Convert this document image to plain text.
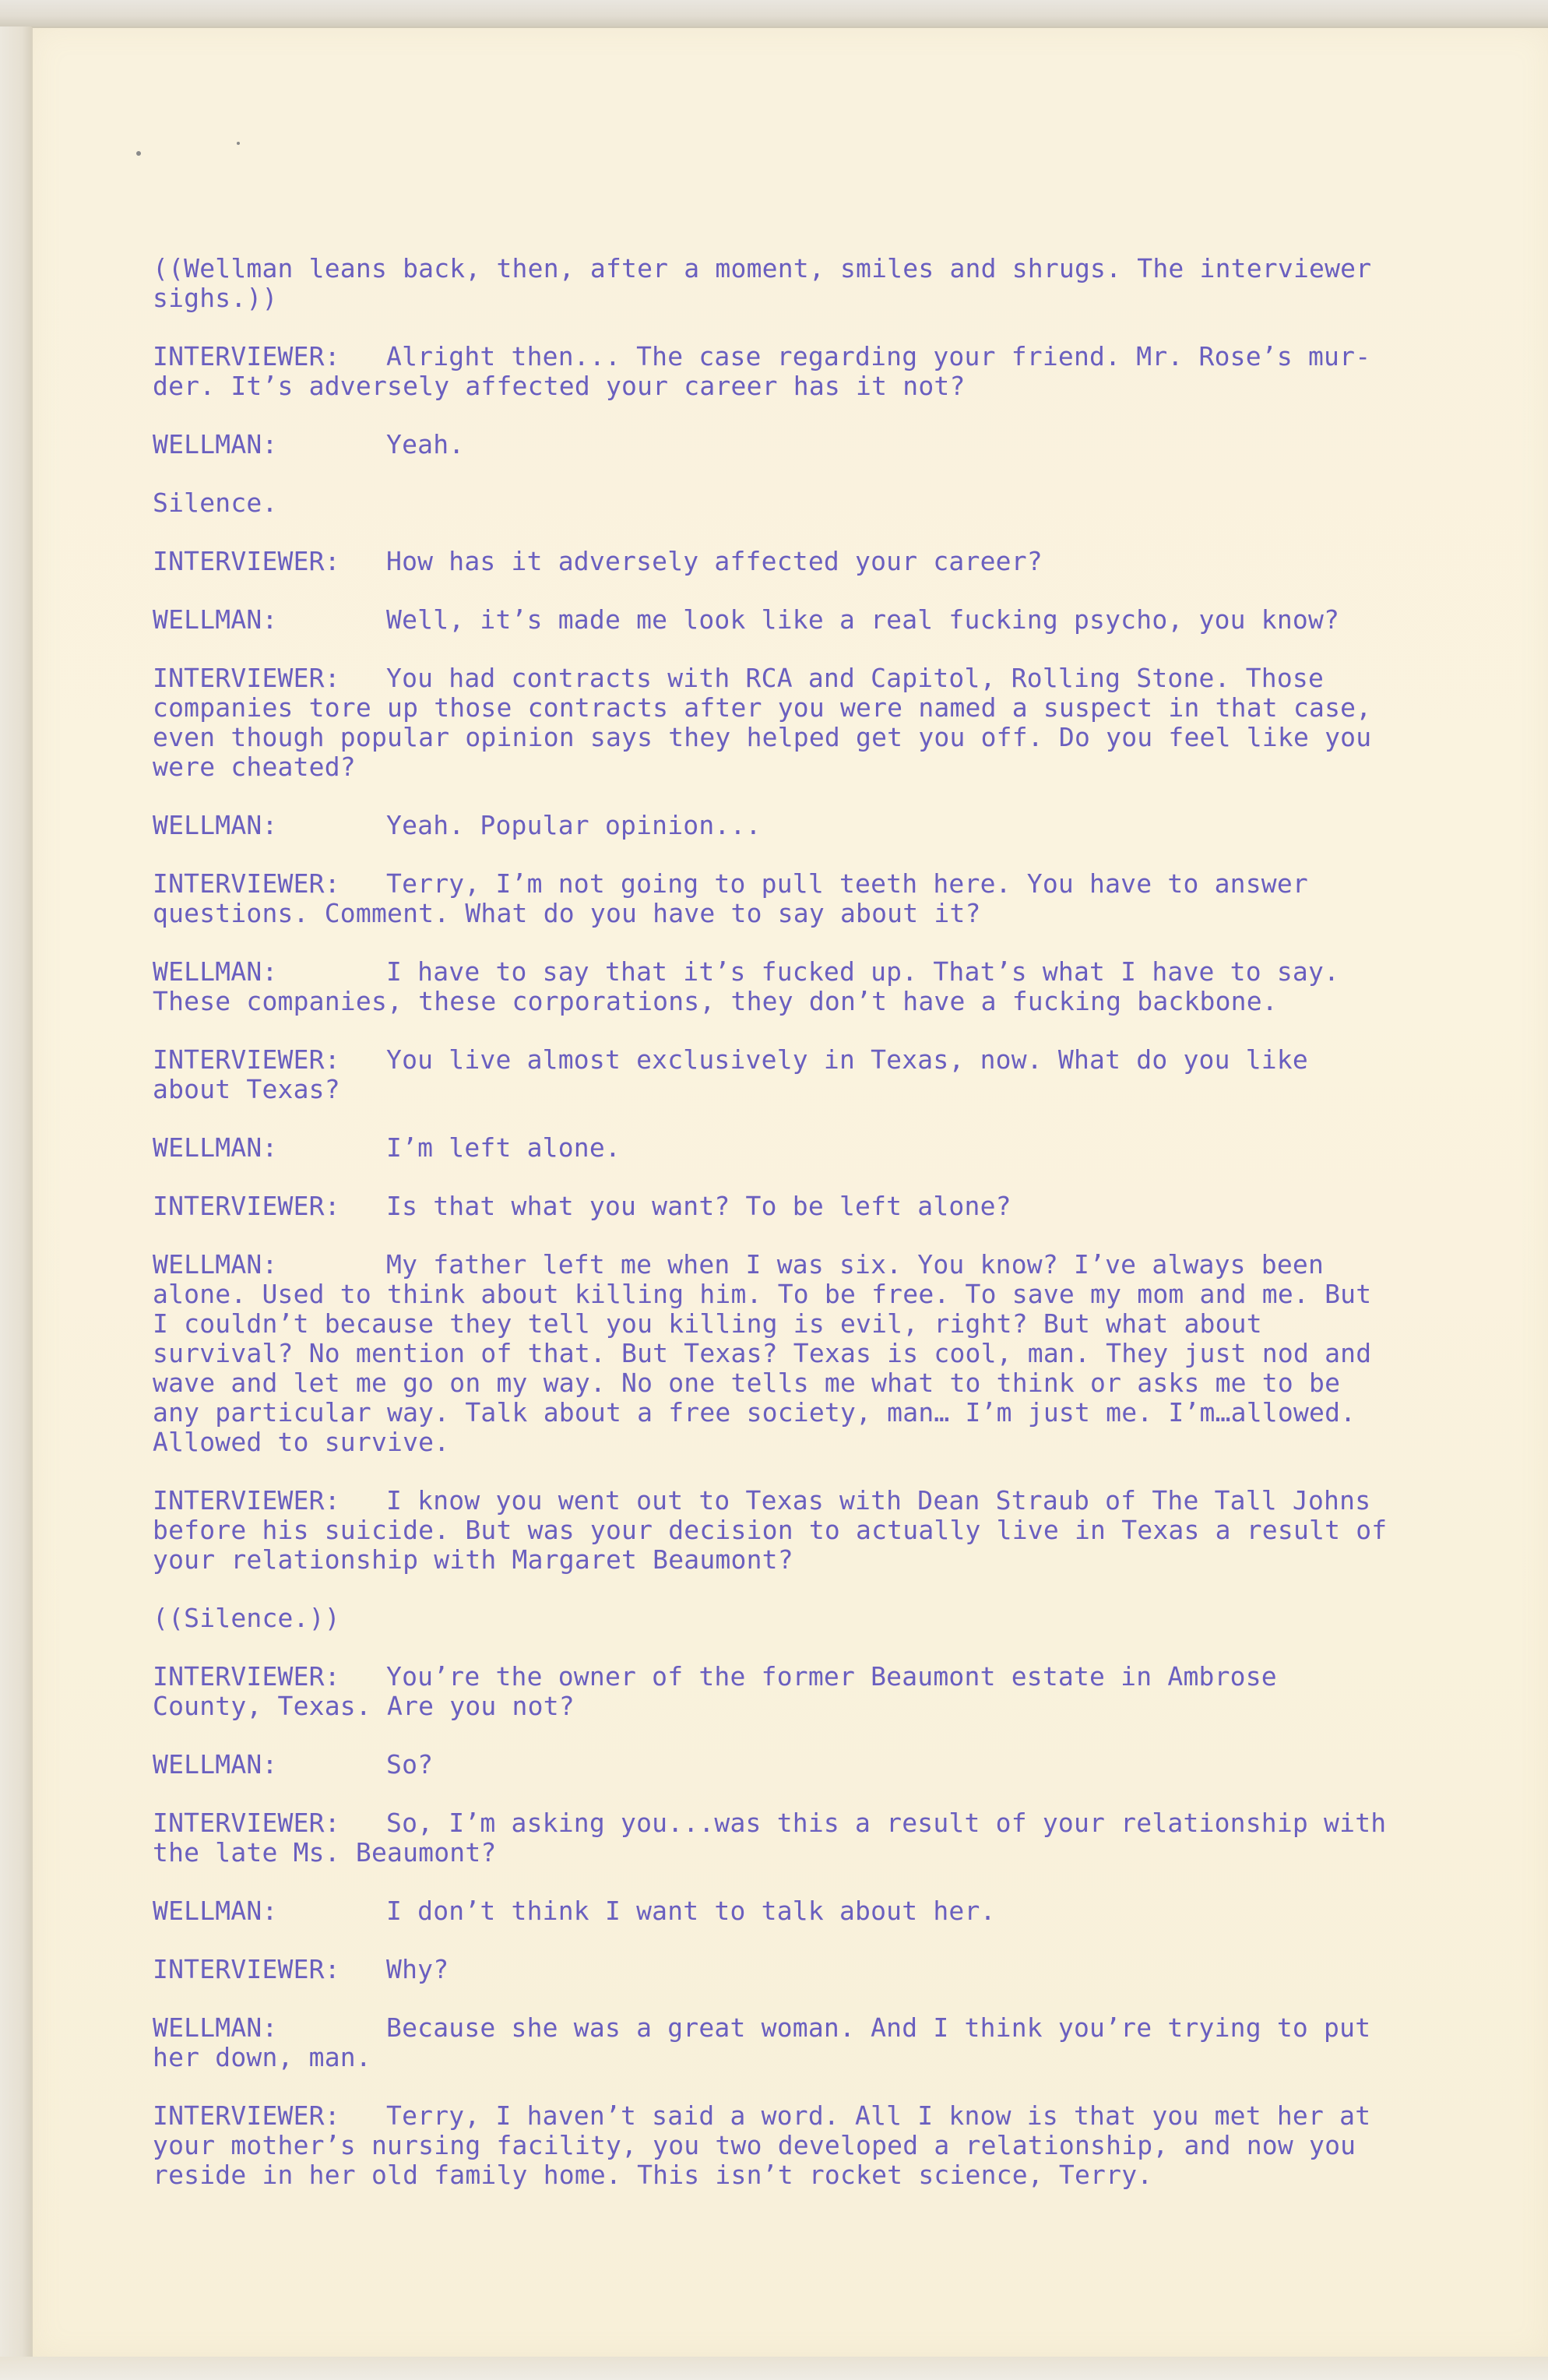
((Wellman leans back, then, after a moment, smiles and shrugs. The interviewer sighs.))
INTERVIEWER: Alright then... The case regarding your friend. Mr. Rose’s mur-der. It’s adversely affected your career has it not?
WELLMAN:	Yeah.
Silence.
INTERVIEWER: How has it adversely affected your career?
WELLMAN:	Well, it’s made me look like a real fucking psycho, you know?
INTERVIEWER: You had contracts with RCA and Capitol, Rolling Stone. Those companies tore up those contracts after you were named a suspect in that case, even though popular opinion says they helped get you off. Do you feel like you were cheated?
WELLMAN:	Yeah. Popular opinion...
INTERVIEWER: Terry, I’m not going to pull teeth here. You have to answer questions. Comment. What do you have to say about it?
WELLMAN:	I have to say that it’s fucked up. That’s what I have to say. These companies, these corporations, they don’t have a fucking backbone.
INTERVIEWER: You live almost exclusively in Texas, now. What do you like about Texas?
WELLMAN:	I’m left alone.
INTERVIEWER: Is that what you want? To be left alone?
WELLMAN:	My father left me when I was six. You know? I’ve always been alone. Used to think about killing him. To be free. To save my mom and me. But I couldn’t because they tell you killing is evil, right? But what about survival? No mention of that. But Texas? Texas is cool, man. They just nod and wave and let me go on my way. No one tells me what to think or asks me to be any particular way. Talk about a free society, man… I’m just me. I’m…allowed. Allowed to survive.
INTERVIEWER: I know you went out to Texas with Dean Straub of The Tall Johns before his suicide. But was your decision to actually live in Texas a result of your relationship with Margaret Beaumont?
((Silence.))
INTERVIEWER: You’re the owner of the former Beaumont estate in Ambrose County, Texas. Are you not?
WELLMAN:	So?
INTERVIEWER: So, I’m asking you...was this a result of your relationship with the late Ms. Beaumont?
WELLMAN:	I don’t think I want to talk about her.
INTERVIEWER: Why?
WELLMAN:	Because she was a great woman. And I think you’re trying to put her down, man.
INTERVIEWER: Terry, I haven’t said a word. All I know is that you met her at your mother’s nursing facility, you two developed a relationship, and now you reside in her old family home. This isn’t rocket science, Terry.
